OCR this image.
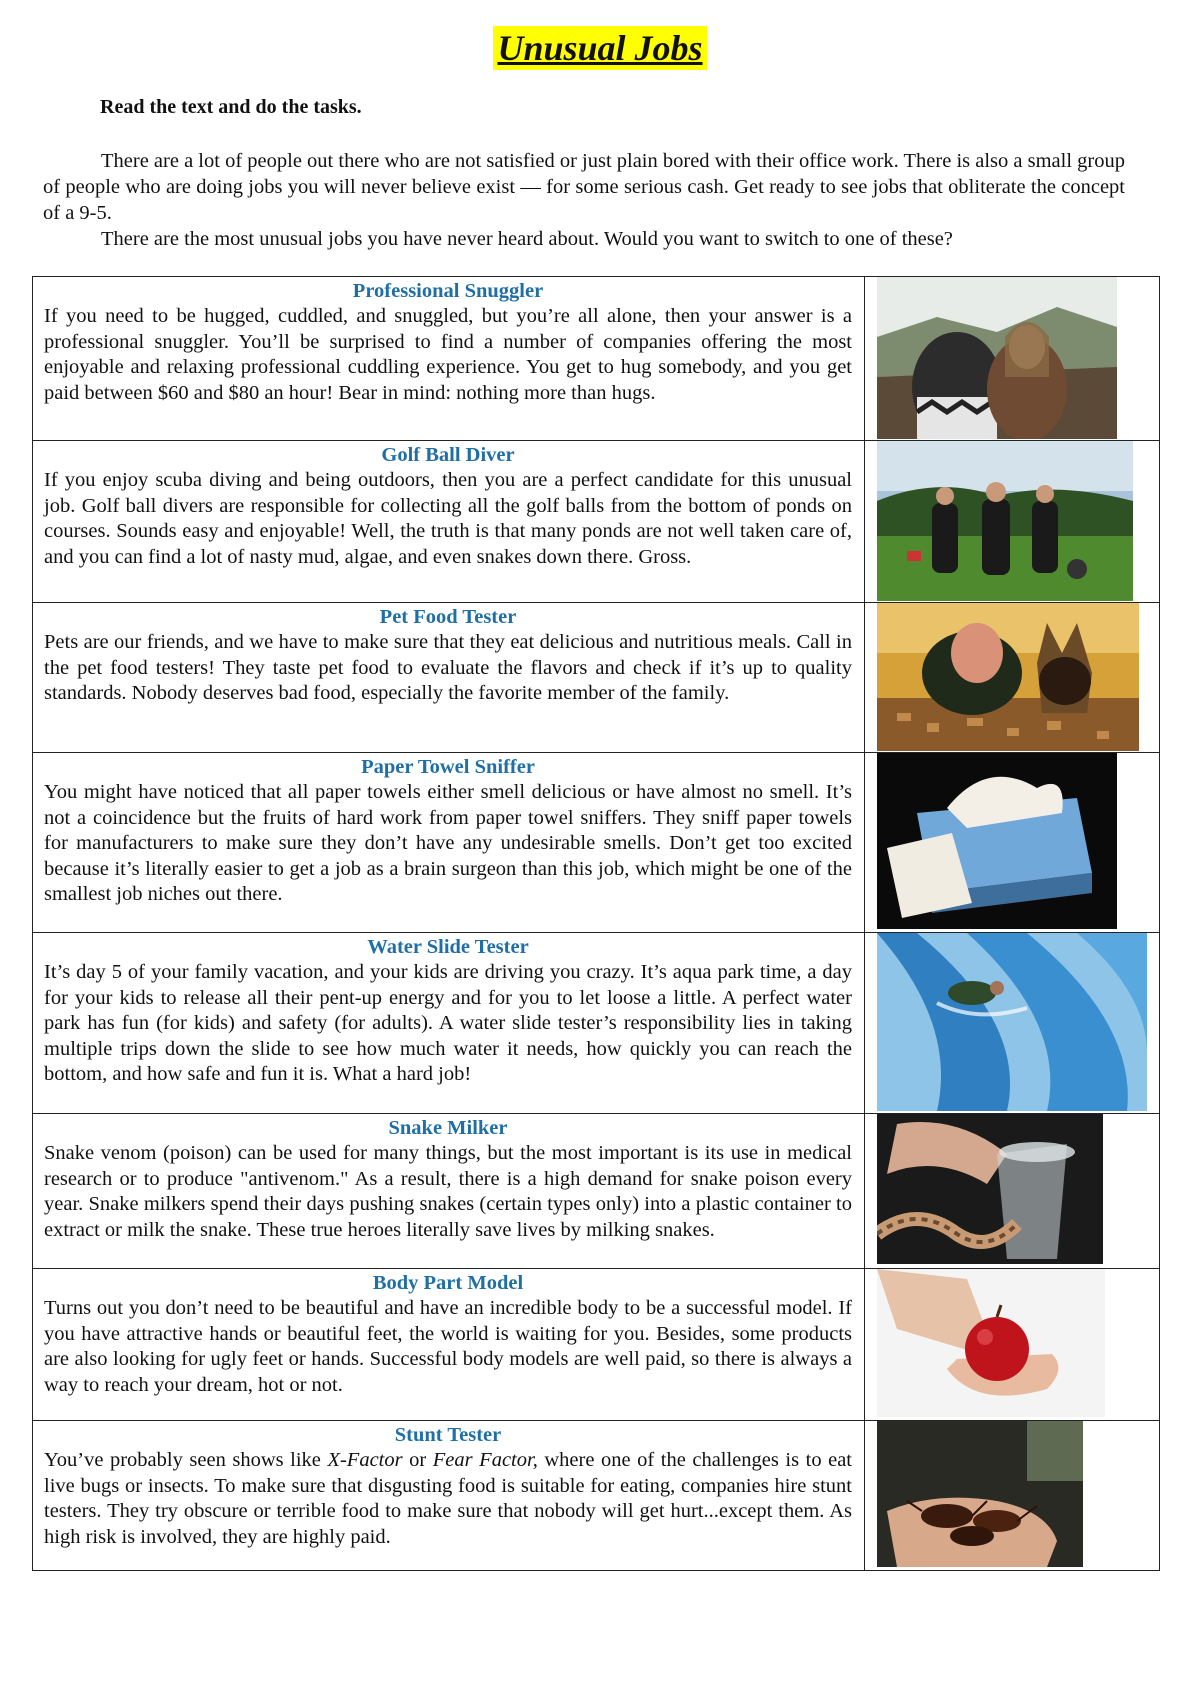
Unusual Jobs
Read the text and do the tasks.

There are a lot of people out there who are not satisfied or just plain bored with their office work. There is also a small group of people who are doing jobs you will never believe exist — for some serious cash. Get ready to see jobs that obliterate the concept of a 9-5.

There are the most unusual jobs you have never heard about. Would you want to switch to one of these?

Professional Snuggler
If you need to be hugged, cuddled, and snuggled, but you’re all alone, then your answer is a professional snuggler. You’ll be surprised to find a number of companies offering the most enjoyable and relaxing professional cuddling experience. You get to hug somebody, and you get paid between $60 and $80 an hour! Bear in mind: nothing more than hugs.

Golf Ball Diver
If you enjoy scuba diving and being outdoors, then you are a perfect candidate for this unusual job. Golf ball divers are responsible for collecting all the golf balls from the bottom of ponds on courses. Sounds easy and enjoyable! Well, the truth is that many ponds are not well taken care of, and you can find a lot of nasty mud, algae, and even snakes down there. Gross.

Pet Food Tester
Pets are our friends, and we have to make sure that they eat delicious and nutritious meals. Call in the pet food testers! They taste pet food to evaluate the flavors and check if it’s up to quality standards. Nobody deserves bad food, especially the favorite member of the family.

Paper Towel Sniffer
You might have noticed that all paper towels either smell delicious or have almost no smell. It’s not a coincidence but the fruits of hard work from paper towel sniffers. They sniff paper towels for manufacturers to make sure they don’t have any undesirable smells. Don’t get too excited because it’s literally easier to get a job as a brain surgeon than this job, which might be one of the smallest job niches out there.

Water Slide Tester
It’s day 5 of your family vacation, and your kids are driving you crazy. It’s aqua park time, a day for your kids to release all their pent-up energy and for you to let loose a little. A perfect water park has fun (for kids) and safety (for adults). A water slide tester’s responsibility lies in taking multiple trips down the slide to see how much water it needs, how quickly you can reach the bottom, and how safe and fun it is. What a hard job!

Snake Milker
Snake venom (poison) can be used for many things, but the most important is its use in medical research or to produce "antivenom." As a result, there is a high demand for snake poison every year. Snake milkers spend their days pushing snakes (certain types only) into a plastic container to extract or milk the snake. These true heroes literally save lives by milking snakes.

Body Part Model
Turns out you don’t need to be beautiful and have an incredible body to be a successful model. If you have attractive hands or beautiful feet, the world is waiting for you. Besides, some products are also looking for ugly feet or hands. Successful body models are well paid, so there is always a way to reach your dream, hot or not.

Stunt Tester
You’ve probably seen shows like X-Factor or Fear Factor, where one of the challenges is to eat live bugs or insects. To make sure that disgusting food is suitable for eating, companies hire stunt testers. They try obscure or terrible food to make sure that nobody will get hurt...except them. As high risk is involved, they are highly paid.
